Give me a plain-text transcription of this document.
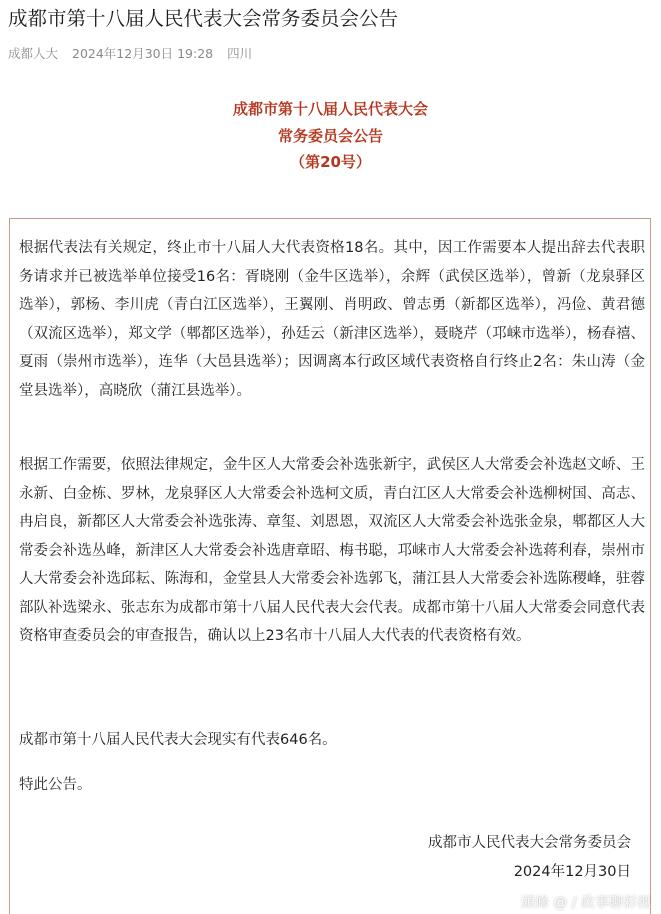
成都市第十八届人民代表大会常务委员会公告
成都人大 2024年12月30日 19:28 四川
成都市第十八届人民代表大会
常务委员会公告
（第20号）
根据代表法有关规定，终止市十八届人大代表资格18名。其中，因工作需要本人提出辞去代表职务请求并已被选举单位接受16名：胥晓刚（金牛区选举），余辉（武侯区选举），曾新（龙泉驿区选举），郭杨、李川虎（青白江区选举），王翼刚、肖明政、曾志勇（新都区选举），冯俭、黄君德（双流区选举），郑文学（郫都区选举），孙廷云（新津区选举），聂晓芹（邛崃市选举），杨春禧、夏雨（崇州市选举），连华（大邑县选举）；因调离本行政区域代表资格自行终止2名：朱山涛（金堂县选举），高晓欣（蒲江县选举）。
根据工作需要，依照法律规定，金牛区人大常委会补选张新宇，武侯区人大常委会补选赵文峤、王永新、白金栋、罗林，龙泉驿区人大常委会补选柯文质，青白江区人大常委会补选柳树国、高志、冉启良，新都区人大常委会补选张涛、章玺、刘恩恩，双流区人大常委会补选张金泉，郫都区人大常委会补选丛峰，新津区人大常委会补选唐章昭、梅书聪，邛崃市人大常委会补选蒋利春，崇州市人大常委会补选邱耘、陈海和，金堂县人大常委会补选郭飞，蒲江县人大常委会补选陈稷峰，驻蓉部队补选梁永、张志东为成都市第十八届人民代表大会代表。成都市第十八届人大常委会同意代表资格审查委员会的审查报告，确认以上23名市十八届人大代表的代表资格有效。
成都市第十八届人民代表大会现实有代表646名。
特此公告。
成都市人民代表大会常务委员会
2024年12月30日
頭條 @ / 政事聊彩视
